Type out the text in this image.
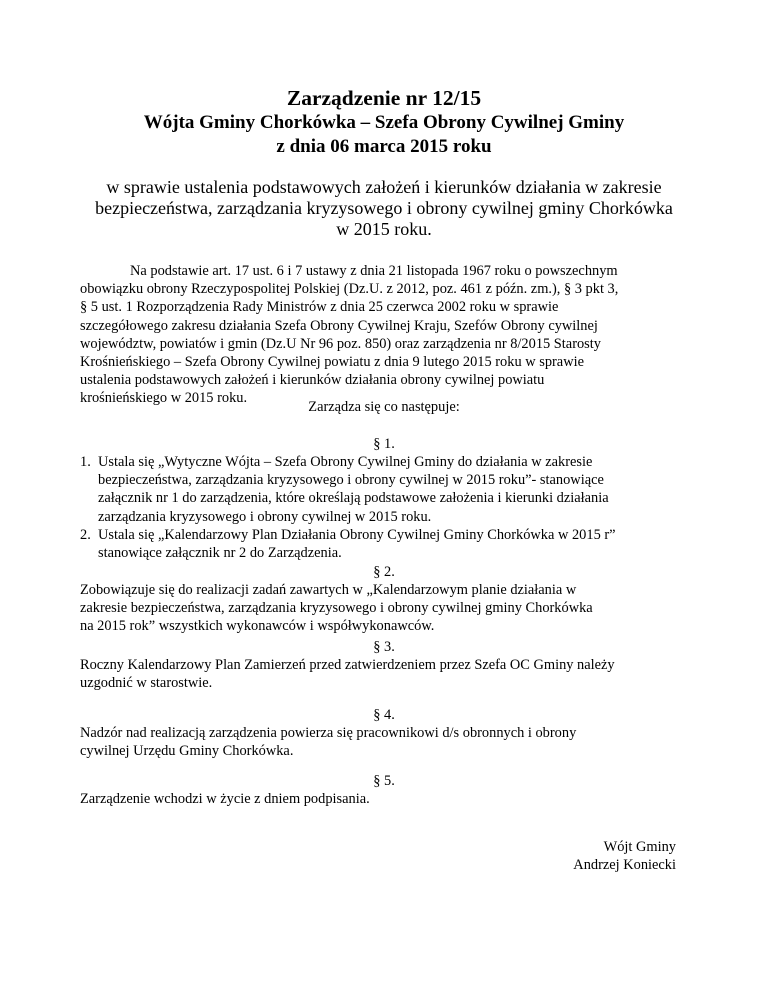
Zarządzenie nr 12/15
Wójta Gminy Chorkówka – Szefa Obrony Cywilnej Gminy
z dnia 06 marca 2015 roku
w sprawie ustalenia podstawowych założeń i kierunków działania w zakresie
bezpieczeństwa, zarządzania kryzysowego i obrony cywilnej gminy Chorkówka
w 2015 roku.
Na podstawie art. 17 ust. 6 i 7 ustawy z dnia 21 listopada 1967 roku o powszechnym
obowiązku obrony Rzeczypospolitej Polskiej (Dz.U. z 2012, poz. 461 z późn. zm.), § 3 pkt 3,
§ 5 ust. 1 Rozporządzenia Rady Ministrów z dnia 25 czerwca 2002 roku w sprawie
szczegółowego zakresu działania Szefa Obrony Cywilnej Kraju, Szefów Obrony cywilnej
województw, powiatów i gmin (Dz.U Nr 96 poz. 850) oraz zarządzenia nr 8/2015 Starosty
Krośnieńskiego – Szefa Obrony Cywilnej powiatu z dnia 9 lutego 2015 roku w sprawie
ustalenia podstawowych założeń i kierunków działania obrony cywilnej powiatu
krośnieńskiego w 2015 roku.
Zarządza się co następuje:
§ 1.
1. Ustala się „Wytyczne Wójta – Szefa Obrony Cywilnej Gminy do działania w zakresie
bezpieczeństwa, zarządzania kryzysowego i obrony cywilnej w 2015 roku”- stanowiące
załącznik nr 1 do zarządzenia, które określają podstawowe założenia i kierunki działania
zarządzania kryzysowego i obrony cywilnej w 2015 roku.
2. Ustala się „Kalendarzowy Plan Działania Obrony Cywilnej Gminy Chorkówka w 2015 r”
stanowiące załącznik nr 2 do Zarządzenia.
§ 2.
Zobowiązuje się do realizacji zadań zawartych w „Kalendarzowym planie działania w
zakresie bezpieczeństwa, zarządzania kryzysowego i obrony cywilnej gminy Chorkówka
na 2015 rok” wszystkich wykonawców i współwykonawców.
§ 3.
Roczny Kalendarzowy Plan Zamierzeń przed zatwierdzeniem przez Szefa OC Gminy należy
uzgodnić w starostwie.
§ 4.
Nadzór nad realizacją zarządzenia powierza się pracownikowi d/s obronnych i obrony
cywilnej Urzędu Gminy Chorkówka.
§ 5.
Zarządzenie wchodzi w życie z dniem podpisania.
Wójt Gminy
Andrzej Koniecki
